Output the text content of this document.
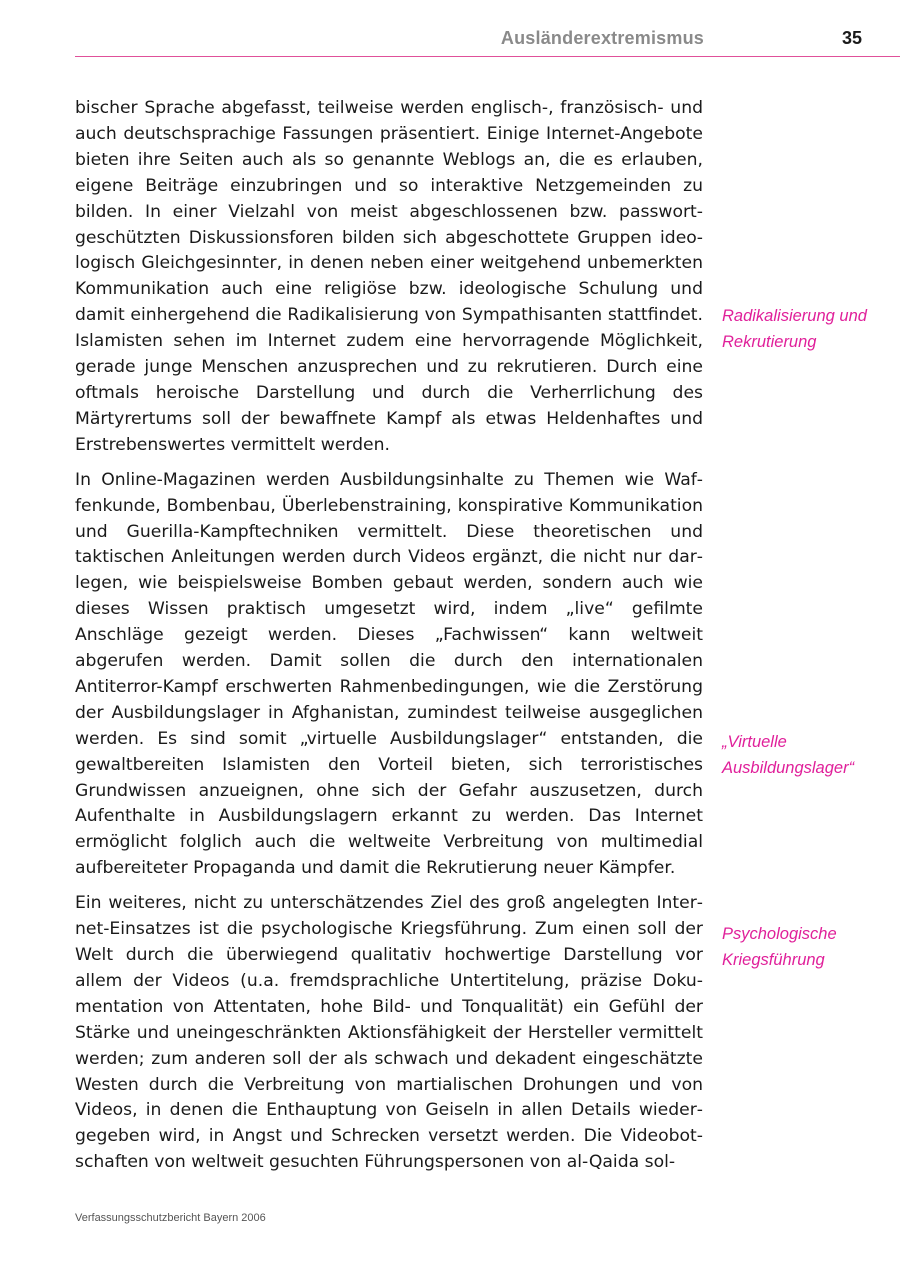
Ausländerextremismus	35

bischer Sprache abgefasst, teilweise werden englisch-, französisch- und auch deutschsprachige Fassungen präsentiert. Einige Internet-Angebote bieten ihre Seiten auch als so genannte Weblogs an, die es erlauben, eigene Beiträge einzubringen und so interaktive Netzgemeinden zu bilden. In einer Vielzahl von meist abgeschlossenen bzw. passwortgeschützten Diskussionsforen bilden sich abgeschottete Gruppen ideologisch Gleichgesinnter, in denen neben einer weitgehend unbemerkten Kommunikation auch eine religiöse bzw. ideologische Schulung und damit einhergehend die Radikalisierung von Sympathisanten stattfindet. Islamisten sehen im Internet zudem eine hervorragende Möglichkeit, gerade junge Menschen anzusprechen und zu rekrutieren. Durch eine oftmals heroische Darstellung und durch die Verherrlichung des Märtyrertums soll der bewaffnete Kampf als etwas Heldenhaftes und Erstrebenswertes vermittelt werden.

In Online-Magazinen werden Ausbildungsinhalte zu Themen wie Waffenkunde, Bombenbau, Überlebenstraining, konspirative Kommunikation und Guerilla-Kampftechniken vermittelt. Diese theoretischen und taktischen Anleitungen werden durch Videos ergänzt, die nicht nur darlegen, wie beispielsweise Bomben gebaut werden, sondern auch wie dieses Wissen praktisch umgesetzt wird, indem „live“ gefilmte Anschläge gezeigt werden. Dieses „Fachwissen“ kann weltweit abgerufen werden. Damit sollen die durch den internationalen Antiterror-Kampf erschwerten Rahmenbedingungen, wie die Zerstörung der Ausbildungslager in Afghanistan, zumindest teilweise ausgeglichen werden. Es sind somit „virtuelle Ausbildungslager“ entstanden, die gewaltbereiten Islamisten den Vorteil bieten, sich terroristisches Grundwissen anzueignen, ohne sich der Gefahr auszusetzen, durch Aufenthalte in Ausbildungslagern erkannt zu werden. Das Internet ermöglicht folglich auch die weltweite Verbreitung von multimedial aufbereiteter Propaganda und damit die Rekrutierung neuer Kämpfer.

Ein weiteres, nicht zu unterschätzendes Ziel des groß angelegten Internet-Einsatzes ist die psychologische Kriegsführung. Zum einen soll der Welt durch die überwiegend qualitativ hochwertige Darstellung vor allem der Videos (u.a. fremdsprachliche Untertitelung, präzise Dokumentation von Attentaten, hohe Bild- und Tonqualität) ein Gefühl der Stärke und uneingeschränkten Aktionsfähigkeit der Hersteller vermittelt werden; zum anderen soll der als schwach und dekadent eingeschätzte Westen durch die Verbreitung von martialischen Drohungen und von Videos, in denen die Enthauptung von Geiseln in allen Details wiedergegeben wird, in Angst und Schrecken versetzt werden. Die Videobotschaften von weltweit gesuchten Führungspersonen von al-Qaida sol-

Radikalisierung und Rekrutierung
„Virtuelle Ausbildungslager“
Psychologische Kriegsführung
Verfassungsschutzbericht Bayern 2006
